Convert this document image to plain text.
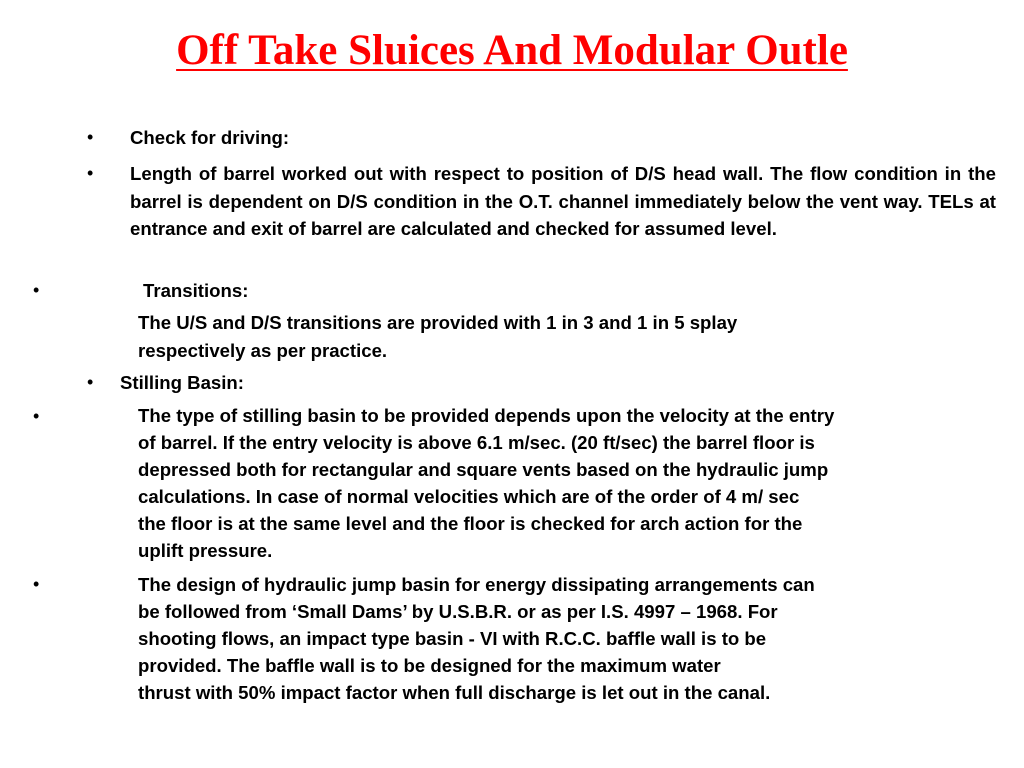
Off Take Sluices And Modular Outle
• Check for driving:
• Length of barrel worked out with respect to position of D/S head wall. The flow condition in the barrel is dependent on D/S condition in the O.T. channel immediately below the vent way. TELs at entrance and exit of barrel are calculated and checked for assumed level.
•	Transitions:
The U/S and D/S transitions are provided with 1 in 3 and 1 in 5 splay
respectively as per practice.
• Stilling Basin:
•	The type of stilling basin to be provided depends upon the velocity at the entry
of barrel. If the entry velocity is above 6.1 m/sec. (20 ft/sec) the barrel floor is
depressed both for rectangular and square vents based on the hydraulic jump
calculations. In case of normal velocities which are of the order of 4 m/ sec
the floor is at the same level and the floor is checked for arch action for the
uplift pressure.
•	The design of hydraulic jump basin for energy dissipating arrangements can
be followed from ‘Small Dams’ by U.S.B.R. or as per I.S. 4997 – 1968. For
shooting flows, an impact type basin - VI with R.C.C. baffle wall is to be
provided. The baffle wall is to be designed for the maximum water
thrust with 50% impact factor when full discharge is let out in the canal.
